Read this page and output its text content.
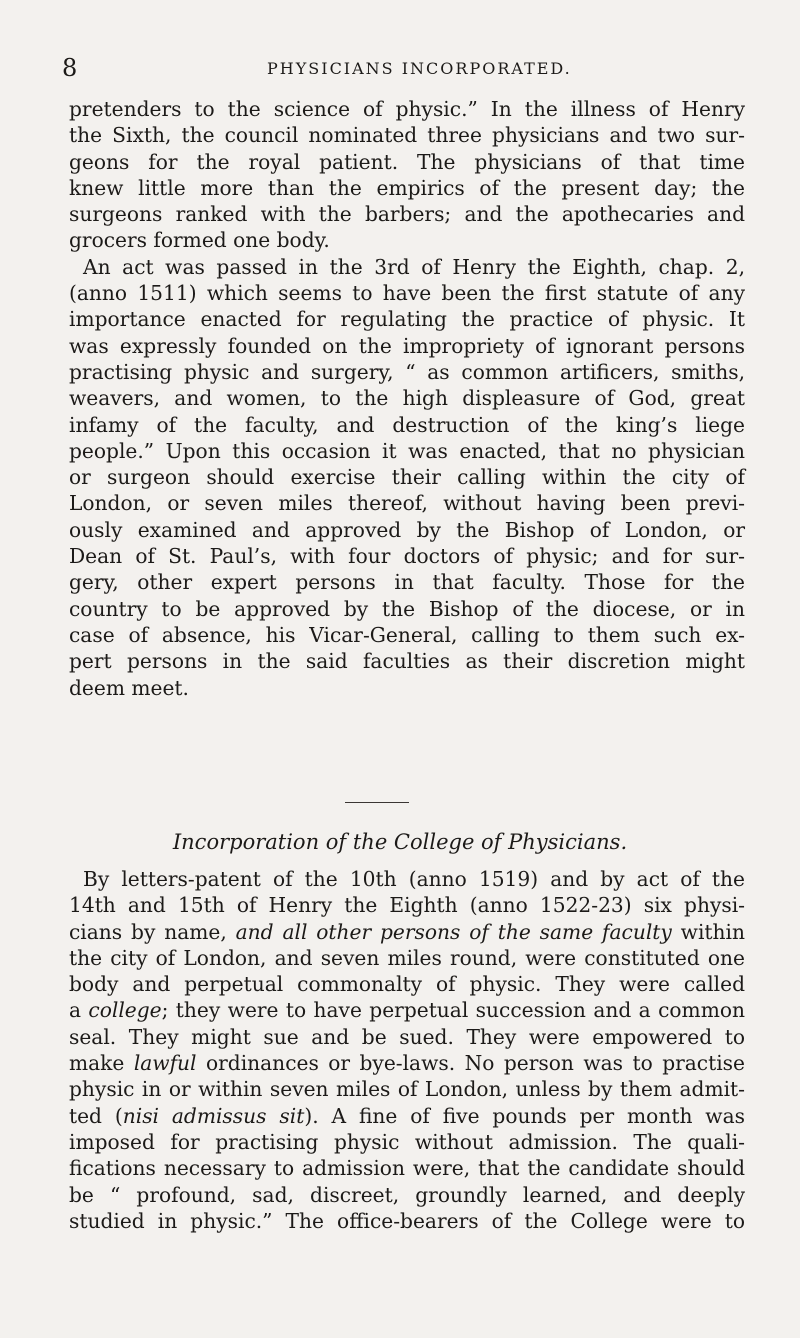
8	PHYSICIANS INCORPORATED.
pretenders to the science of physic.” In the illness of Henry
the Sixth, the council nominated three physicians and two sur-
geons for the royal patient. The physicians of that time
knew little more than the empirics of the present day; the
surgeons ranked with the barbers; and the apothecaries and
grocers formed one body.
An act was passed in the 3rd of Henry the Eighth, chap. 2,
(anno 1511) which seems to have been the first statute of any
importance enacted for regulating the practice of physic. It
was expressly founded on the impropriety of ignorant persons
practising physic and surgery, “ as common artificers, smiths,
weavers, and women, to the high displeasure of God, great
infamy of the faculty, and destruction of the king’s liege
people.” Upon this occasion it was enacted, that no physician
or surgeon should exercise their calling within the city of
London, or seven miles thereof, without having been previ-
ously examined and approved by the Bishop of London, or
Dean of St. Paul’s, with four doctors of physic; and for sur-
gery, other expert persons in that faculty. Those for the
country to be approved by the Bishop of the diocese, or in
case of absence, his Vicar-General, calling to them such ex-
pert persons in the said faculties as their discretion might
deem meet.
Incorporation of the College of Physicians.
By letters-patent of the 10th (anno 1519) and by act of the
14th and 15th of Henry the Eighth (anno 1522-23) six physi-
cians by name, and all other persons of the same faculty within
the city of London, and seven miles round, were constituted one
body and perpetual commonalty of physic. They were called
a college; they were to have perpetual succession and a common
seal. They might sue and be sued. They were empowered to
make lawful ordinances or bye-laws. No person was to practise
physic in or within seven miles of London, unless by them admit-
ted (nisi admissus sit). A fine of five pounds per month was
imposed for practising physic without admission. The quali-
fications necessary to admission were, that the candidate should
be “ profound, sad, discreet, groundly learned, and deeply
studied in physic.” The office-bearers of the College were to
